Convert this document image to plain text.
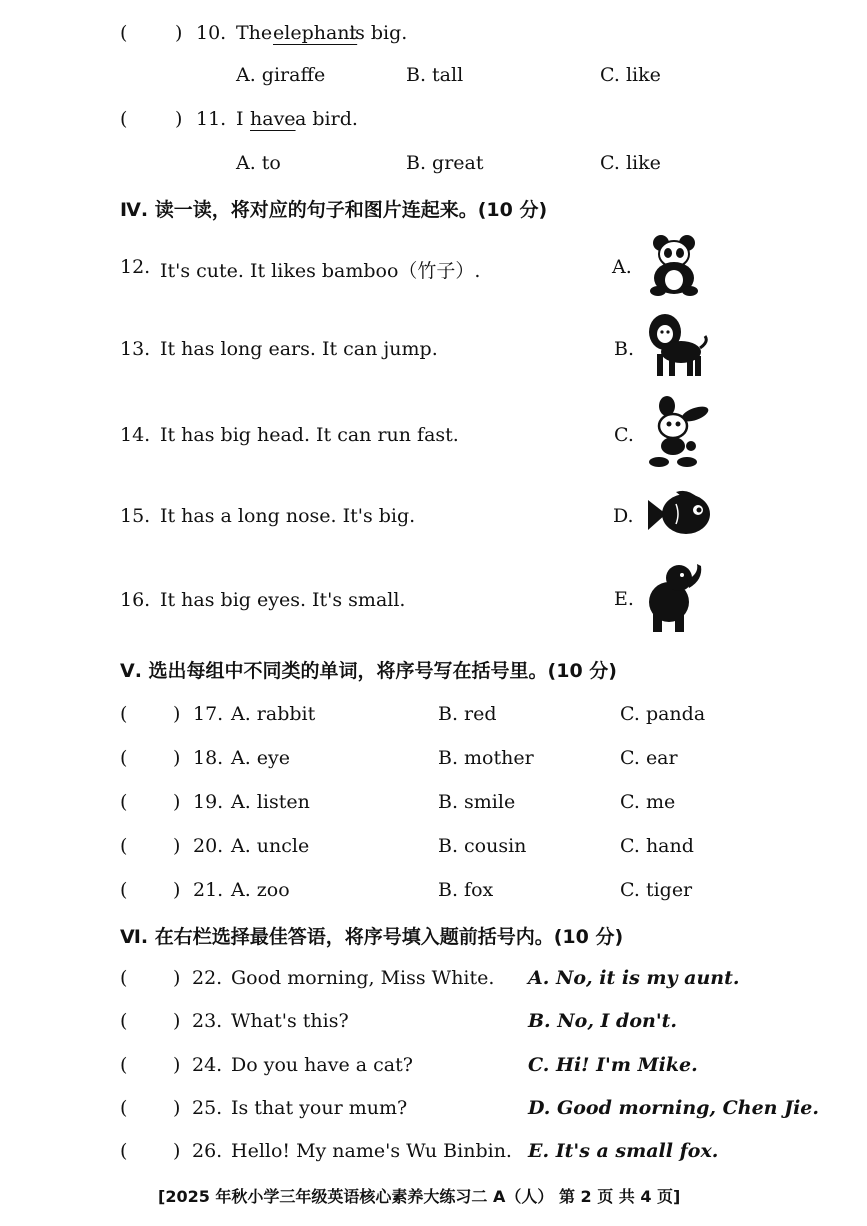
(	) 10. The elephant
is big.
A. giraffe	B. tall	C. like
(	) 11. I have a bird.
A. to	B. great	C. like
Ⅳ. 读一读，将对应的句子和图片连起来。(10 分)
12. It's cute. It likes bamboo（竹子）.
13. It has long ears. It can jump.
14. It has big head. It can run fast.
15. It has a long nose. It's big.
16. It has big eyes. It's small.
A.
B.
C.
D.
E.
Ⅴ. 选出每组中不同类的单词，将序号写在括号里。(10 分)
( ) 17. A. rabbit	B. red	C. panda
( ) 18. A. eye	B. mother	C. ear
( ) 19. A. listen	B. smile	C. me
( ) 20. A. uncle	B. cousin	C. hand
( ) 21. A. zoo	B. fox	C. tiger
Ⅵ. 在右栏选择最佳答语，将序号填入题前括号内。(10 分)
( ) 22. Good morning, Miss White. A. No, it is my aunt.
( ) 23. What's this?	B. No, I don't.
( ) 24. Do you have a cat?	C. Hi! I'm Mike.
( ) 25. Is that your mum?	D. Good morning, Chen Jie.
( ) 26. Hello! My name's Wu Binbin. E. It's a small fox.
[2025 年秋小学三年级英语核心素养大练习二 A（人） 第 2 页 共 4 页]
